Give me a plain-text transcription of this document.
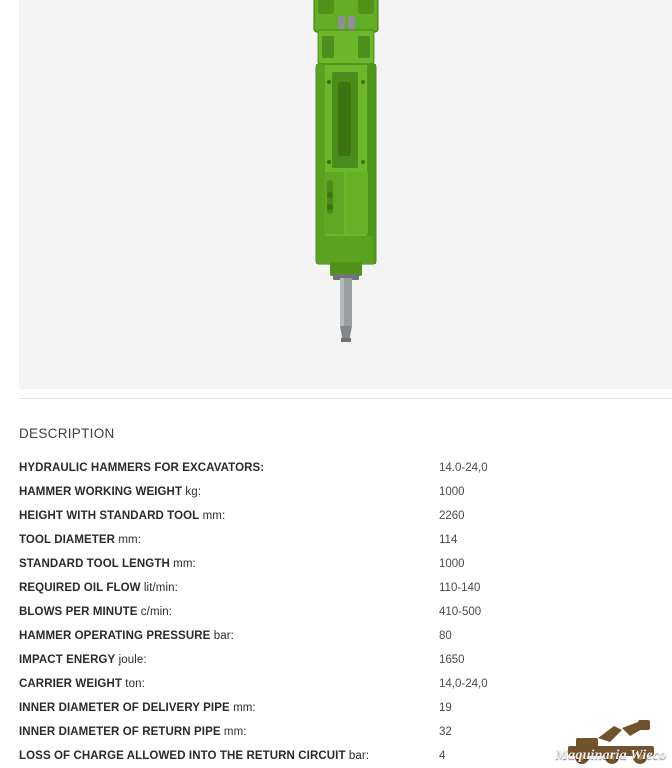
DESCRIPTION
HYDRAULIC HAMMERS FOR EXCAVATORS:	14.0-24,0
HAMMER WORKING WEIGHT kg:	1000
HEIGHT WITH STANDARD TOOL mm:	2260
TOOL DIAMETER mm:	114
STANDARD TOOL LENGTH mm:	1000
REQUIRED OIL FLOW lit/min:	110-140
BLOWS PER MINUTE c/min:	410-500
HAMMER OPERATING PRESSURE bar:	80
IMPACT ENERGY joule:	1650
CARRIER WEIGHT ton:	14,0-24,0
INNER DIAMETER OF DELIVERY PIPE mm:	19
INNER DIAMETER OF RETURN PIPE mm:	32
LOSS OF CHARGE ALLOWED INTO THE RETURN CIRCUIT bar:	4	Maquinaria Wieco
